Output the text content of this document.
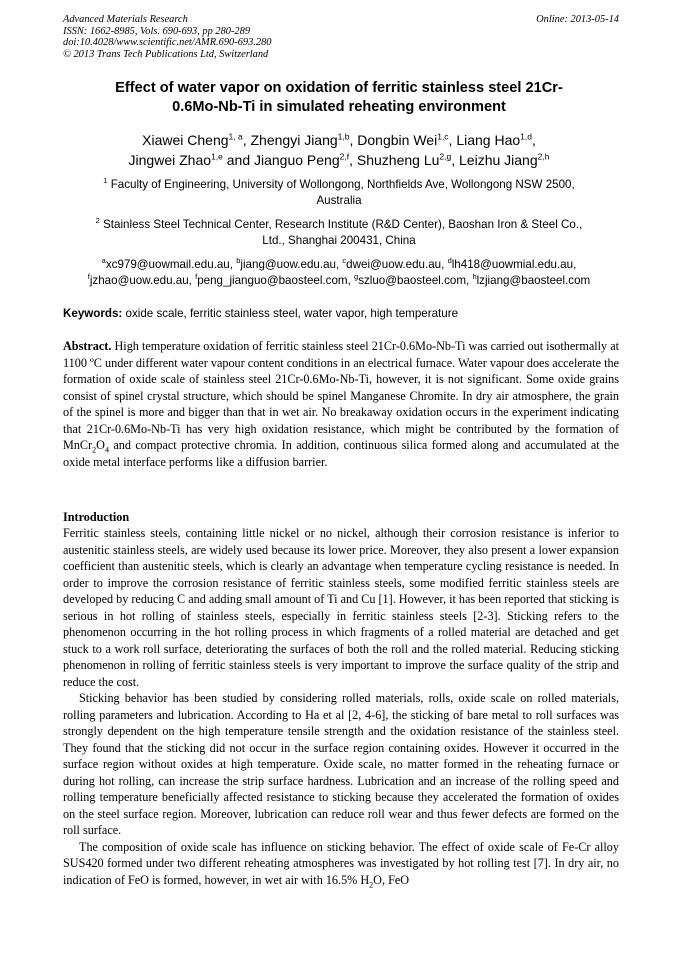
Advanced Materials Research
ISSN: 1662-8985, Vols. 690-693, pp 280-289
doi:10.4028/www.scientific.net/AMR.690-693.280
© 2013 Trans Tech Publications Ltd, Switzerland
Online: 2013-05-14
Effect of water vapor on oxidation of ferritic stainless steel 21Cr-
0.6Mo-Nb-Ti in simulated reheating environment
Xiawei Cheng$^{1, a}$, Zhengyi Jiang$^{1,b}$, Dongbin Wei$^{1,c}$, Liang Hao$^{1,d}$,
Jingwei Zhao$^{1,e}$ and Jianguo Peng$^{2,f}$, Shuzheng Lu$^{2,g}$, Leizhu Jiang$^{2,h}$
$^1$ Faculty of Engineering, University of Wollongong, Northfields Ave, Wollongong NSW 2500,
Australia
$^2$ Stainless Steel Technical Center, Research Institute (R&D Center), Baoshan Iron & Steel Co.,
Ltd., Shanghai 200431, China
$^a$xc979@uowmail.edu.au, $^b$jiang@uow.edu.au, $^c$dwei@uow.edu.au, $^d$lh418@uowmial.edu.au,
$^f$jzhao@uow.edu.au, $^f$peng_jianguo@baosteel.com, $^g$szluo@baosteel.com, $^h$lzjiang@baosteel.com
Keywords: oxide scale, ferritic stainless steel, water vapor, high temperature
Abstract. High temperature oxidation of ferritic stainless steel 21Cr-0.6Mo-Nb-Ti was carried out isothermally at 1100 ºC under different water vapour content conditions in an electrical furnace. Water vapour does accelerate the formation of oxide scale of stainless steel 21Cr-0.6Mo-Nb-Ti, however, it is not significant. Some oxide grains consist of spinel crystal structure, which should be spinel Manganese Chromite. In dry air atmosphere, the grain of the spinel is more and bigger than that in wet air. No breakaway oxidation occurs in the experiment indicating that 21Cr-0.6Mo-Nb-Ti has very high oxidation resistance, which might be contributed by the formation of $MnCr_2O_4$ and compact protective chromia. In addition, continuous silica formed along and accumulated at the oxide metal interface performs like a diffusion barrier.
Introduction

Ferritic stainless steels, containing little nickel or no nickel, although their corrosion resistance is inferior to austenitic stainless steels, are widely used because its lower price. Moreover, they also present a lower expansion coefficient than austenitic steels, which is clearly an advantage when temperature cycling resistance is needed. In order to improve the corrosion resistance of ferritic stainless steels, some modified ferritic stainless steels are developed by reducing C and adding small amount of Ti and Cu [1]. However, it has been reported that sticking is serious in hot rolling of stainless steels, especially in ferritic stainless steels [2-3]. Sticking refers to the phenomenon occurring in the hot rolling process in which fragments of a rolled material are detached and get stuck to a work roll surface, deteriorating the surfaces of both the roll and the rolled material. Reducing sticking phenomenon in rolling of ferritic stainless steels is very important to improve the surface quality of the strip and reduce the cost.

Sticking behavior has been studied by considering rolled materials, rolls, oxide scale on rolled materials, rolling parameters and lubrication. According to Ha et al [2, 4-6], the sticking of bare metal to roll surfaces was strongly dependent on the high temperature tensile strength and the oxidation resistance of the stainless steel. They found that the sticking did not occur in the surface region containing oxides. However it occurred in the surface region without oxides at high temperature. Oxide scale, no matter formed in the reheating furnace or during hot rolling, can increase the strip surface hardness. Lubrication and an increase of the rolling speed and rolling temperature beneficially affected resistance to sticking because they accelerated the formation of oxides on the steel surface region. Moreover, lubrication can reduce roll wear and thus fewer defects are formed on the roll surface.

The composition of oxide scale has influence on sticking behavior. The effect of oxide scale of Fe-Cr alloy SUS420 formed under two different reheating atmospheres was investigated by hot rolling test [7]. In dry air, no indication of FeO is formed, however, in wet air with 16.5% $H_2O$, FeO
